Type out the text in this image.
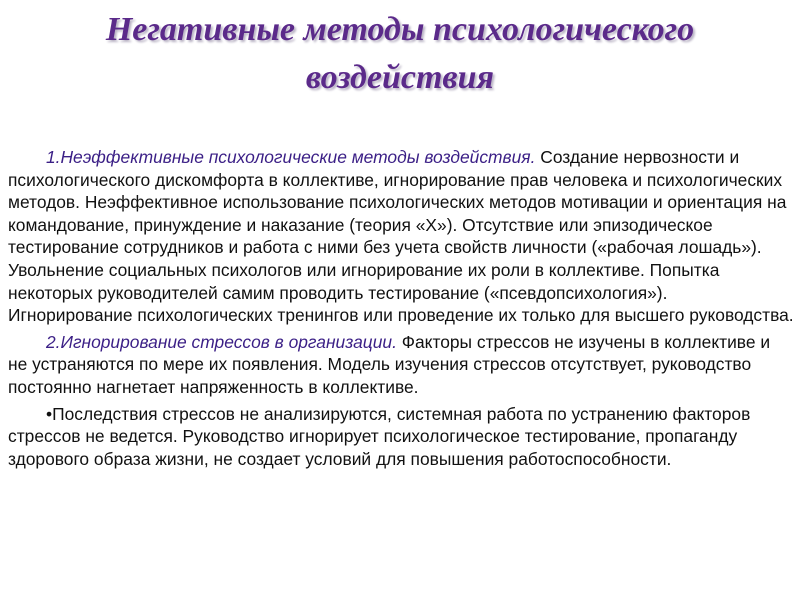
Негативные методы психологического
воздействия

1.Неэффективные психологические методы воздействия. Создание нервозности и психологического дискомфорта в коллективе, игнорирование прав человека и психологических методов. Неэффективное использование психологических методов мотивации и ориентация на командование, принуждение и наказание (теория «X»). Отсутствие или эпизодическое тестирование сотрудников и работа с ними без учета свойств личности («рабочая лошадь»). Увольнение социальных психологов или игнорирование их роли в коллективе. Попытка некоторых руководителей самим проводить тестирование («псевдопсихология»). Игнорирование психологических тренингов или проведение их только для высшего руководства.

2.Игнорирование стрессов в организации. Факторы стрессов не изучены в коллективе и не устраняются по мере их появления. Модель изучения стрессов отсутствует, руководство постоянно нагнетает напряженность в коллективе.

•Последствия стрессов не анализируются, системная работа по устранению факторов стрессов не ведется. Руководство игнорирует психологическое тестирование, пропаганду здорового образа жизни, не создает условий для повышения работоспособности.
